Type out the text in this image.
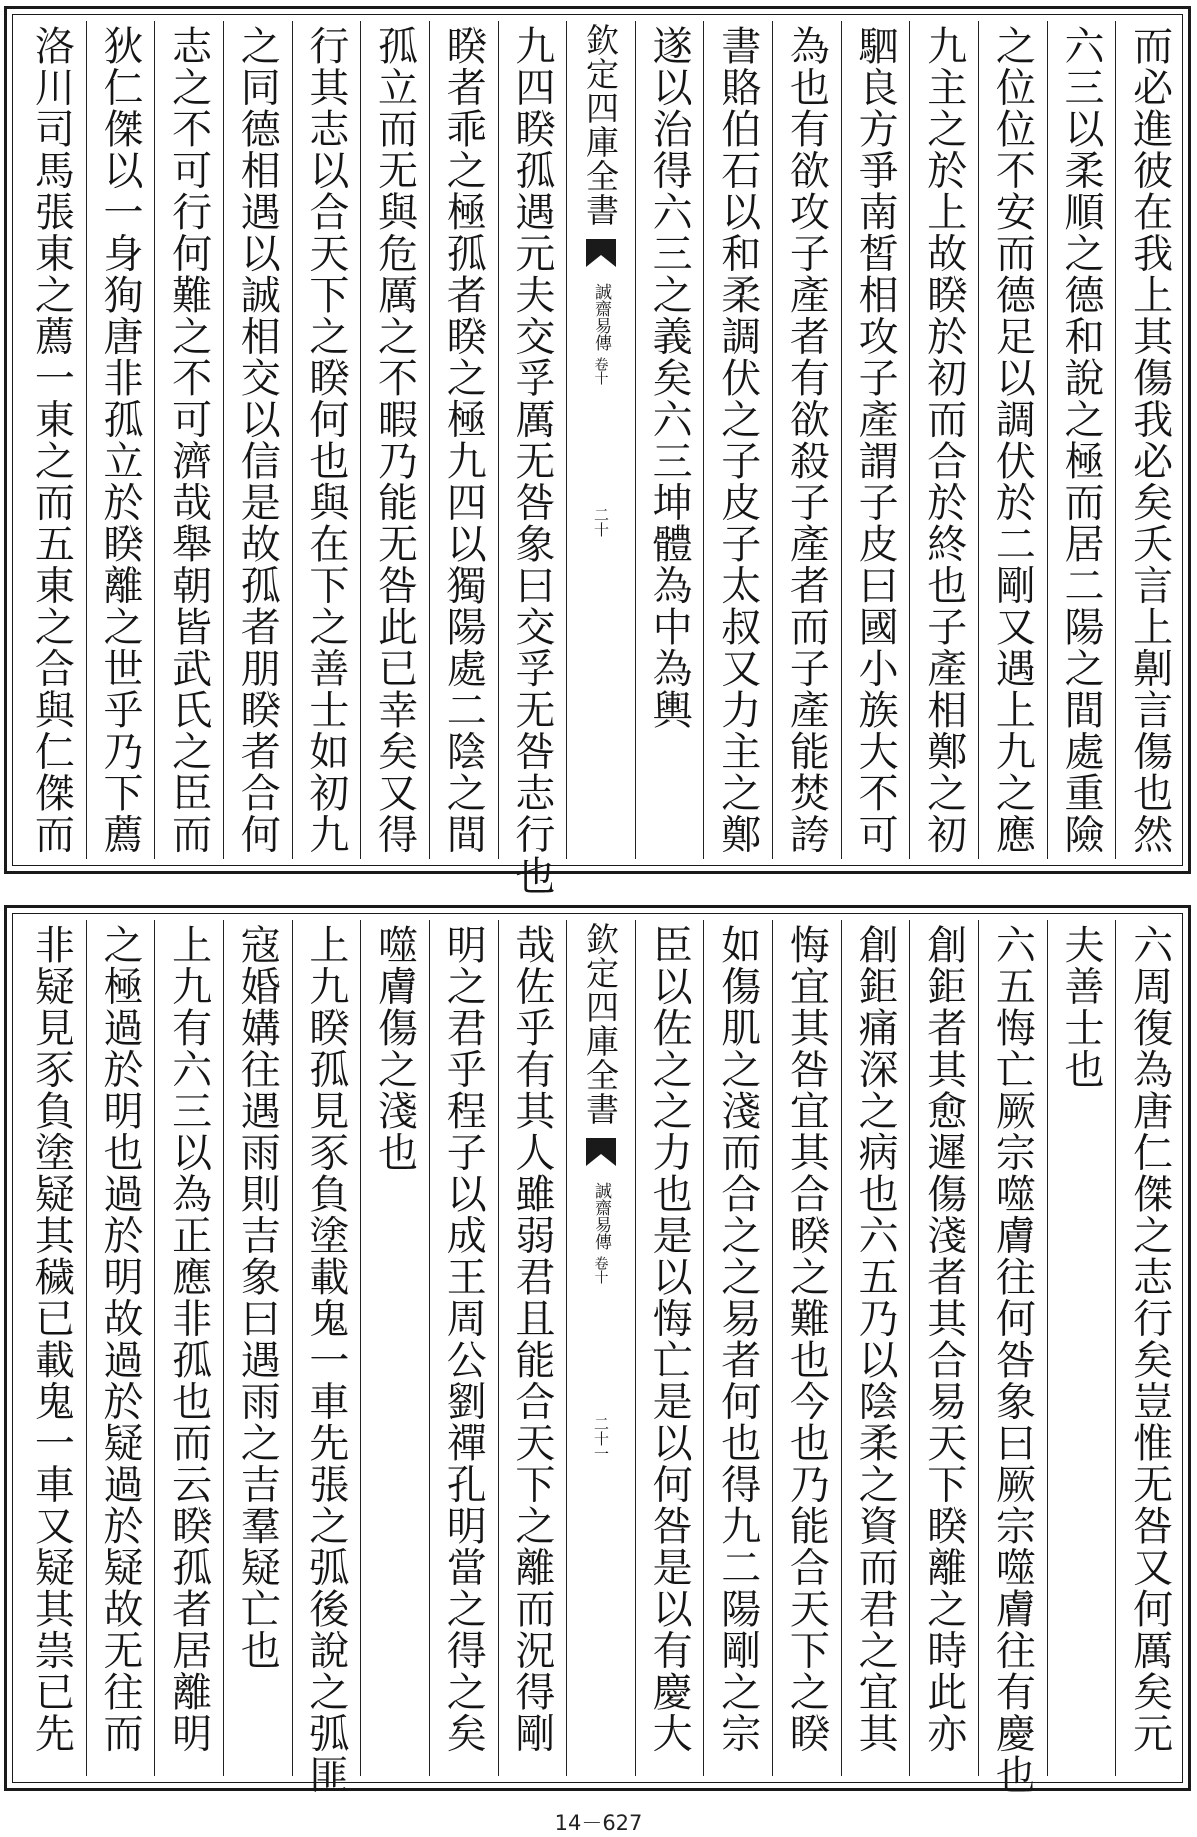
而必進彼在我上其傷我必矣夭言上劓言傷也然
六三以柔順之德和說之極而居二陽之間處重險
之位位不安而德足以調伏於二剛又遇上九之應
九主之於上故睽於初而合於終也子產相鄭之初
駟良方爭南皙相攻子產謂子皮曰國小族大不可
為也有欲攻子產者有欲殺子產者而子產能焚誇
書賂伯石以和柔調伏之子皮子太叔又力主之鄭
遂以治得六三之義矣六三坤體為中為輿
欽定四庫全書
誠齋易傳
卷十
二十
九四睽孤遇元夫交孚厲无咎象曰交孚无咎志行也
睽者乖之極孤者睽之極九四以獨陽處二陰之間
孤立而无與危厲之不暇乃能无咎此已幸矣又得
行其志以合天下之睽何也與在下之善士如初九
之同德相遇以誠相交以信是故孤者朋睽者合何
志之不可行何難之不可濟哉舉朝皆武氏之臣而
狄仁傑以一身狥唐非孤立於睽離之世乎乃下薦
洛川司馬張東之薦一東之而五東之合與仁傑而
六周復為唐仁傑之志行矣豈惟无咎又何厲矣元
夫善士也
六五悔亡厥宗噬膚往何咎象曰厥宗噬膚往有慶也
創鉅者其愈遲傷淺者其合易天下睽離之時此亦
創鉅痛深之病也六五乃以陰柔之資而君之宜其
悔宜其咎宜其合睽之難也今也乃能合天下之睽
如傷肌之淺而合之之易者何也得九二陽剛之宗
臣以佐之之力也是以悔亡是以何咎是以有慶大
欽定四庫全書
誠齋易傳
卷十
二十一
哉佐乎有其人雖弱君且能合天下之離而況得剛
明之君乎程子以成王周公劉禪孔明當之得之矣
噬膚傷之淺也
上九睽孤見豕負塗載鬼一車先張之弧後說之弧匪
寇婚媾往遇雨則吉象曰遇雨之吉羣疑亡也
上九有六三以為正應非孤也而云睽孤者居離明
之極過於明也過於明故過於疑過於疑故无往而
非疑見豕負塗疑其穢已載鬼一車又疑其祟已先
14－627
